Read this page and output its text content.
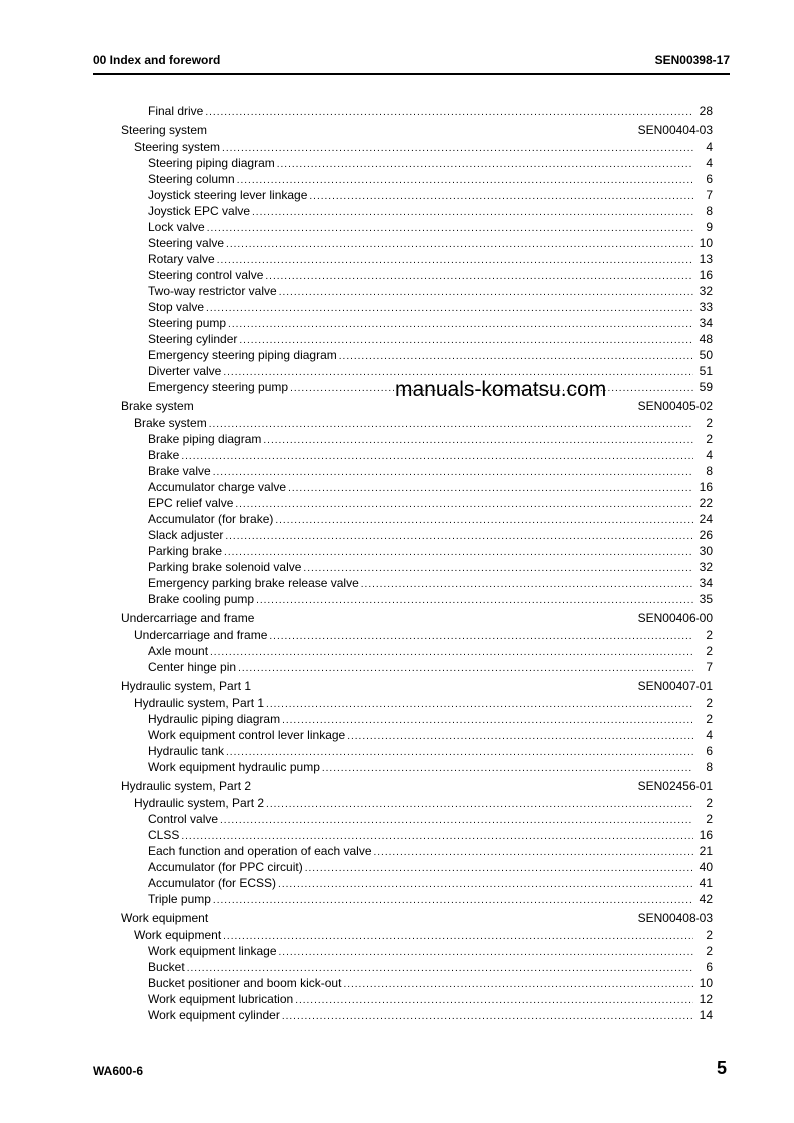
00 Index and foreword	SEN00398-17
Final drive .....	28
Steering system	SEN00404-03
Steering system .....	4
Steering piping diagram .....	4
Steering column .....	6
Joystick steering lever linkage .....	7
Joystick EPC valve .....	8
Lock valve .....	9
Steering valve .....	10
Rotary valve .....	13
Steering control valve .....	16
Two-way restrictor valve .....	32
Stop valve .....	33
Steering pump .....	34
Steering cylinder .....	48
Emergency steering piping diagram .....	50
Diverter valve .....	51
Emergency steering pump .....	59
Brake system	SEN00405-02
Brake system .....	2
Brake piping diagram .....	2
Brake .....	4
Brake valve .....	8
Accumulator charge valve .....	16
EPC relief valve .....	22
Accumulator (for brake) .....	24
Slack adjuster .....	26
Parking brake .....	30
Parking brake solenoid valve .....	32
Emergency parking brake release valve .....	34
Brake cooling pump .....	35
Undercarriage and frame	SEN00406-00
Undercarriage and frame .....	2
Axle mount .....	2
Center hinge pin .....	7
Hydraulic system, Part 1	SEN00407-01
Hydraulic system, Part 1 .....	2
Hydraulic piping diagram .....	2
Work equipment control lever linkage .....	4
Hydraulic tank .....	6
Work equipment hydraulic pump .....	8
Hydraulic system, Part 2	SEN02456-01
Hydraulic system, Part 2 .....	2
Control valve .....	2
CLSS .....	16
Each function and operation of each valve .....	21
Accumulator (for PPC circuit) .....	40
Accumulator (for ECSS) .....	41
Triple pump .....	42
Work equipment	SEN00408-03
Work equipment .....	2
Work equipment linkage .....	2
Bucket .....	6
Bucket positioner and boom kick-out .....	10
Work equipment lubrication .....	12
Work equipment cylinder .....	14
manuals-komatsu.com
WA600-6	5
